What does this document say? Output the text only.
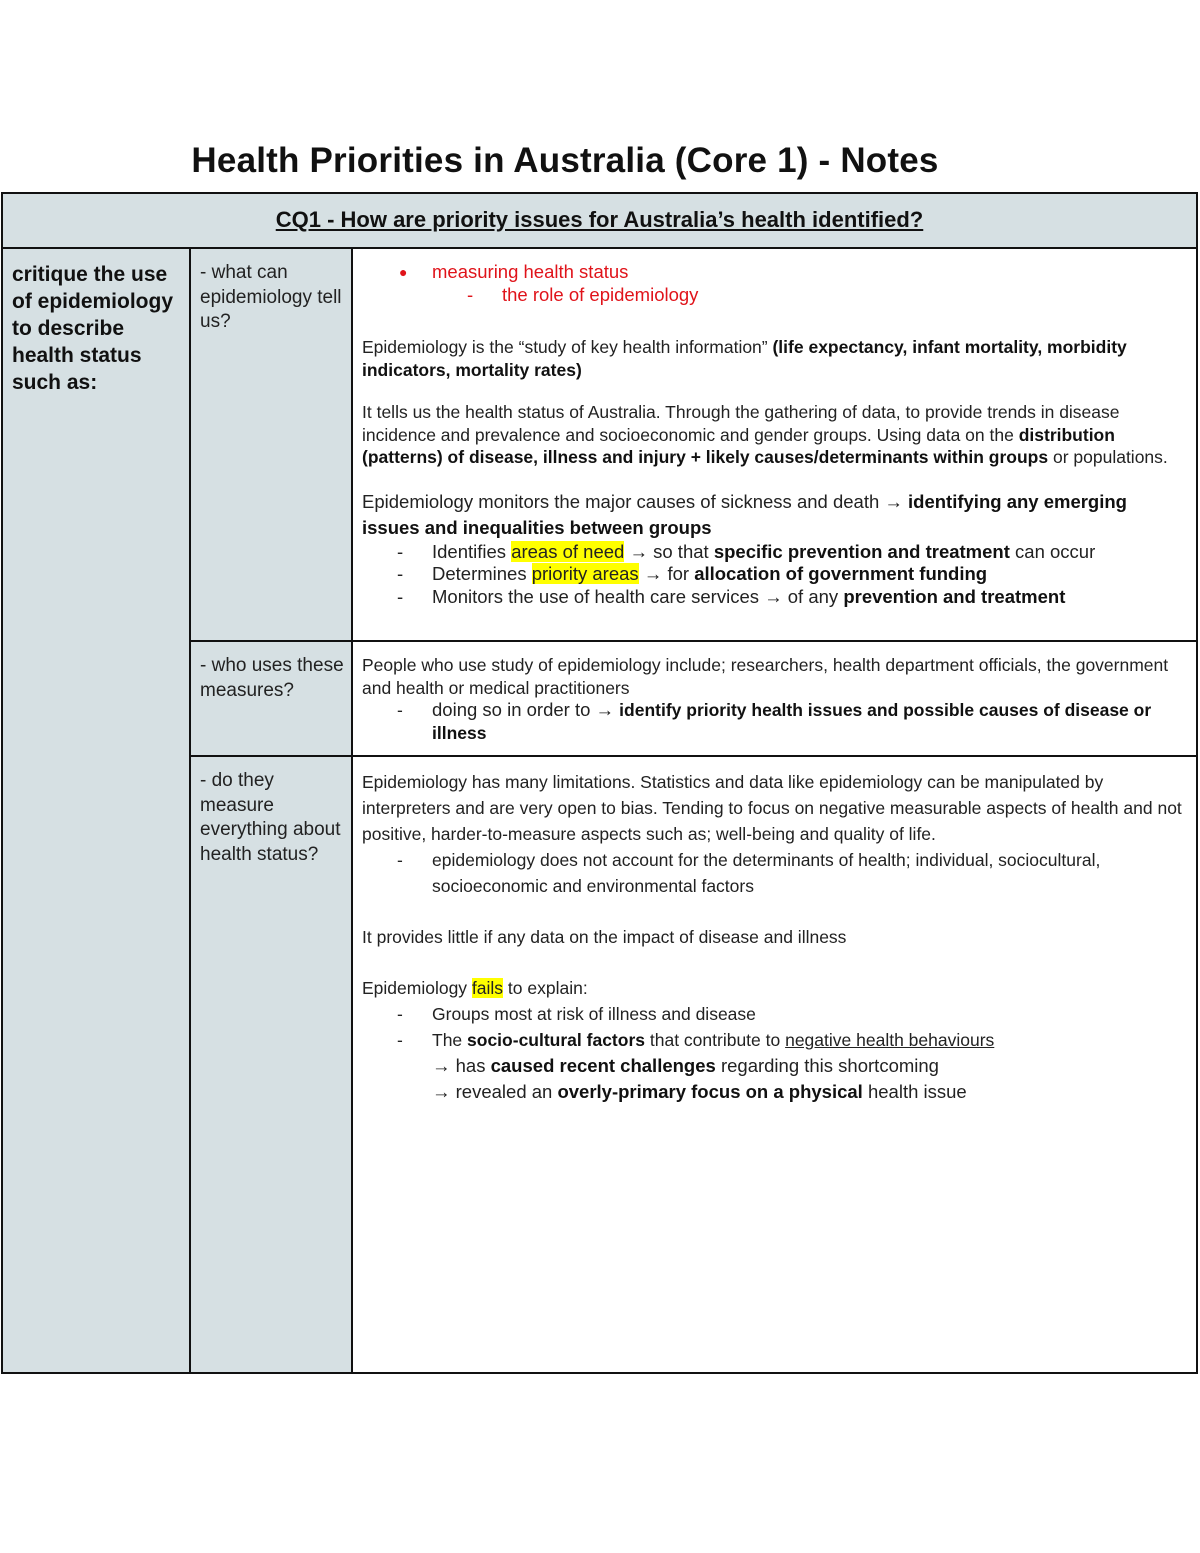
Health Priorities in Australia (Core 1) - Notes
CQ1 - How are priority issues for Australia’s health identified?
critique the use of epidemiology to describe health status such as:
- what can epidemiology tell us?
● measuring health status
- the role of epidemiology
Epidemiology is the “study of key health information” (life expectancy, infant mortality, morbidity indicators, mortality rates)
It tells us the health status of Australia. Through the gathering of data, to provide trends in disease incidence and prevalence and socioeconomic and gender groups. Using data on the distribution (patterns) of disease, illness and injury + likely causes/determinants within groups or populations.
Epidemiology monitors the major causes of sickness and death → identifying any emerging issues and inequalities between groups
- Identifies areas of need → so that specific prevention and treatment can occur
- Determines priority areas → for allocation of government funding
- Monitors the use of health care services → of any prevention and treatment
- who uses these measures?
People who use study of epidemiology include; researchers, health department officials, the government and health or medical practitioners
- doing so in order to → identify priority health issues and possible causes of disease or illness
- do they measure everything about health status?
Epidemiology has many limitations. Statistics and data like epidemiology can be manipulated by interpreters and are very open to bias. Tending to focus on negative measurable aspects of health and not positive, harder-to-measure aspects such as; well-being and quality of life.
- epidemiology does not account for the determinants of health; individual, sociocultural, socioeconomic and environmental factors
It provides little if any data on the impact of disease and illness
Epidemiology fails to explain:
- Groups most at risk of illness and disease
- The socio-cultural factors that contribute to negative health behaviours
→ has caused recent challenges regarding this shortcoming
→ revealed an overly-primary focus on a physical health issue
